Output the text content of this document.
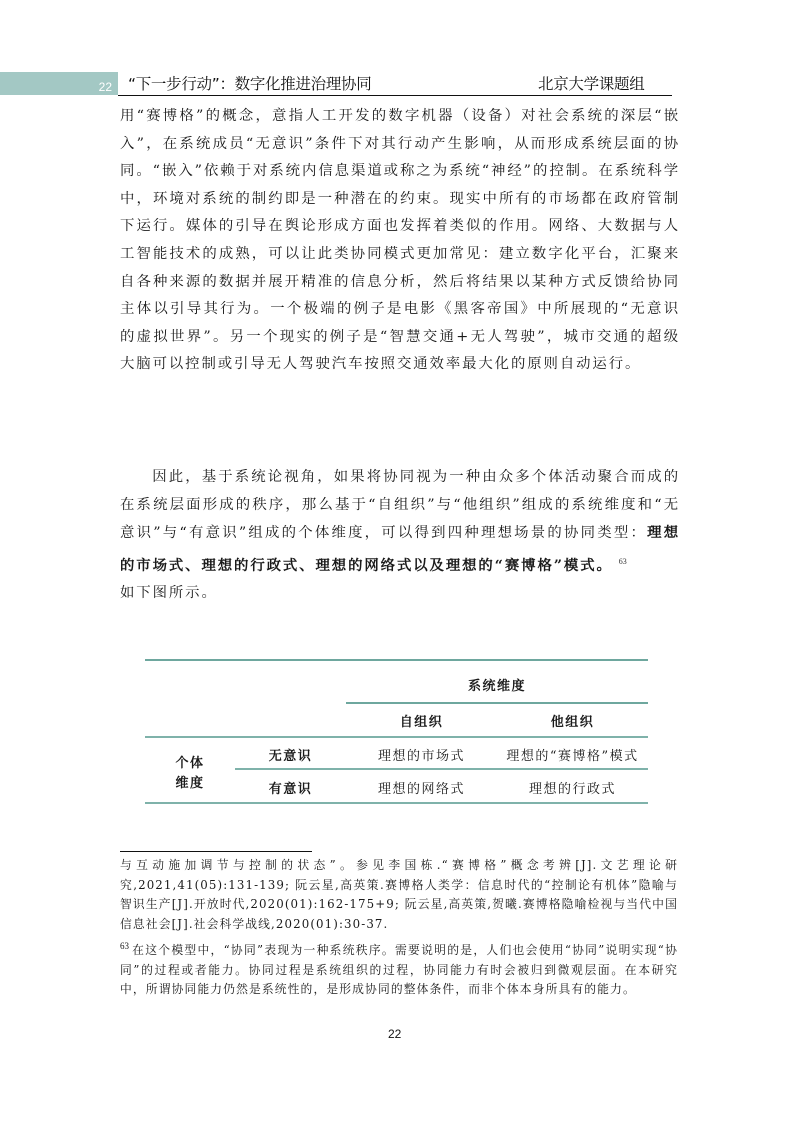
22 “下一步行动”：数字化推进治理协同	北京大学课题组
用“赛博格”的概念，意指人工开发的数字机器（设备）对社会系统的深层“嵌入”，在系统成员“无意识”条件下对其行动产生影响，从而形成系统层面的协同。“嵌入”依赖于对系统内信息渠道或称之为系统“神经”的控制。在系统科学中，环境对系统的制约即是一种潜在的约束。现实中所有的市场都在政府管制下运行。媒体的引导在舆论形成方面也发挥着类似的作用。网络、大数据与人工智能技术的成熟，可以让此类协同模式更加常见：建立数字化平台，汇聚来自各种来源的数据并展开精准的信息分析，然后将结果以某种方式反馈给协同主体以引导其行为。一个极端的例子是电影《黑客帝国》中所展现的“无意识的虚拟世界”。另一个现实的例子是“智慧交通+无人驾驶”，城市交通的超级大脑可以控制或引导无人驾驶汽车按照交通效率最大化的原则自动运行。
因此，基于系统论视角，如果将协同视为一种由众多个体活动聚合而成的在系统层面形成的秩序，那么基于“自组织”与“他组织”组成的系统维度和“无意识”与“有意识”组成的个体维度，可以得到四种理想场景的协同类型：理想的市场式、理想的行政式、理想的网络式以及理想的“赛博格”模式。 $^{63}$
如下图所示。
系统维度
自组织	他组织
个体
维度
无意识	理想的市场式	理想的“赛博格”模式
有意识	理想的网络式	理想的行政式
与互动施加调节与控制的状态”。参见李国栋.“赛博格”概念考辨[J].文艺理论研究,2021,41(05):131-139; 阮云星,高英策.赛博格人类学：信息时代的“控制论有机体”隐喻与智识生产[J].开放时代,2020(01):162-175+9; 阮云星,高英策,贺曦.赛博格隐喻检视与当代中国信息社会[J].社会科学战线,2020(01):30-37.
$^{63}$ 在这个模型中，“协同”表现为一种系统秩序。需要说明的是，人们也会使用“协同”说明实现“协同”的过程或者能力。协同过程是系统组织的过程，协同能力有时会被归到微观层面。在本研究中，所谓协同能力仍然是系统性的，是形成协同的整体条件，而非个体本身所具有的能力。
22
